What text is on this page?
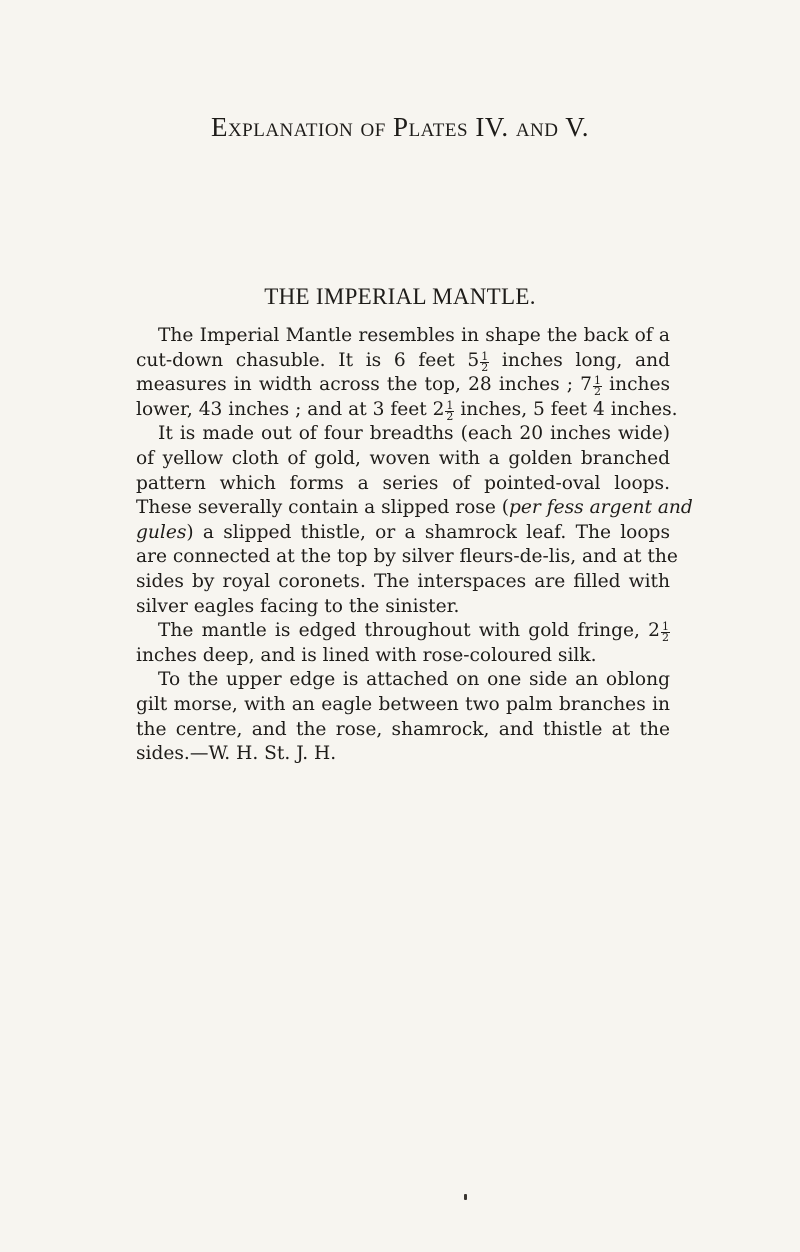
Explanation of Plates IV. and V.
THE IMPERIAL MANTLE.
The Imperial Mantle resembles in shape the back of a
cut-down chasuble. It is 6 feet $5 \frac{1}{2}$ inches long, and
measures in width across the top, 28 inches ; $7 \frac{1}{2}$ inches
lower, 43 inches ; and at 3 feet $2 \frac{1}{2}$ inches, 5 feet 4 inches.
It is made out of four breadths (each 20 inches wide)
of yellow cloth of gold, woven with a golden branched
pattern which forms a series of pointed-oval loops.
These severally contain a slipped rose (per fess argent and
gules) a slipped thistle, or a shamrock leaf. The loops
are connected at the top by silver fleurs-de-lis, and at the
sides by royal coronets. The interspaces are filled with
silver eagles facing to the sinister.
The mantle is edged throughout with gold fringe, $2 \frac{1}{2}$
inches deep, and is lined with rose-coloured silk.
To the upper edge is attached on one side an oblong
gilt morse, with an eagle between two palm branches in
the centre, and the rose, shamrock, and thistle at the
sides.—W. H. St. J. H.
